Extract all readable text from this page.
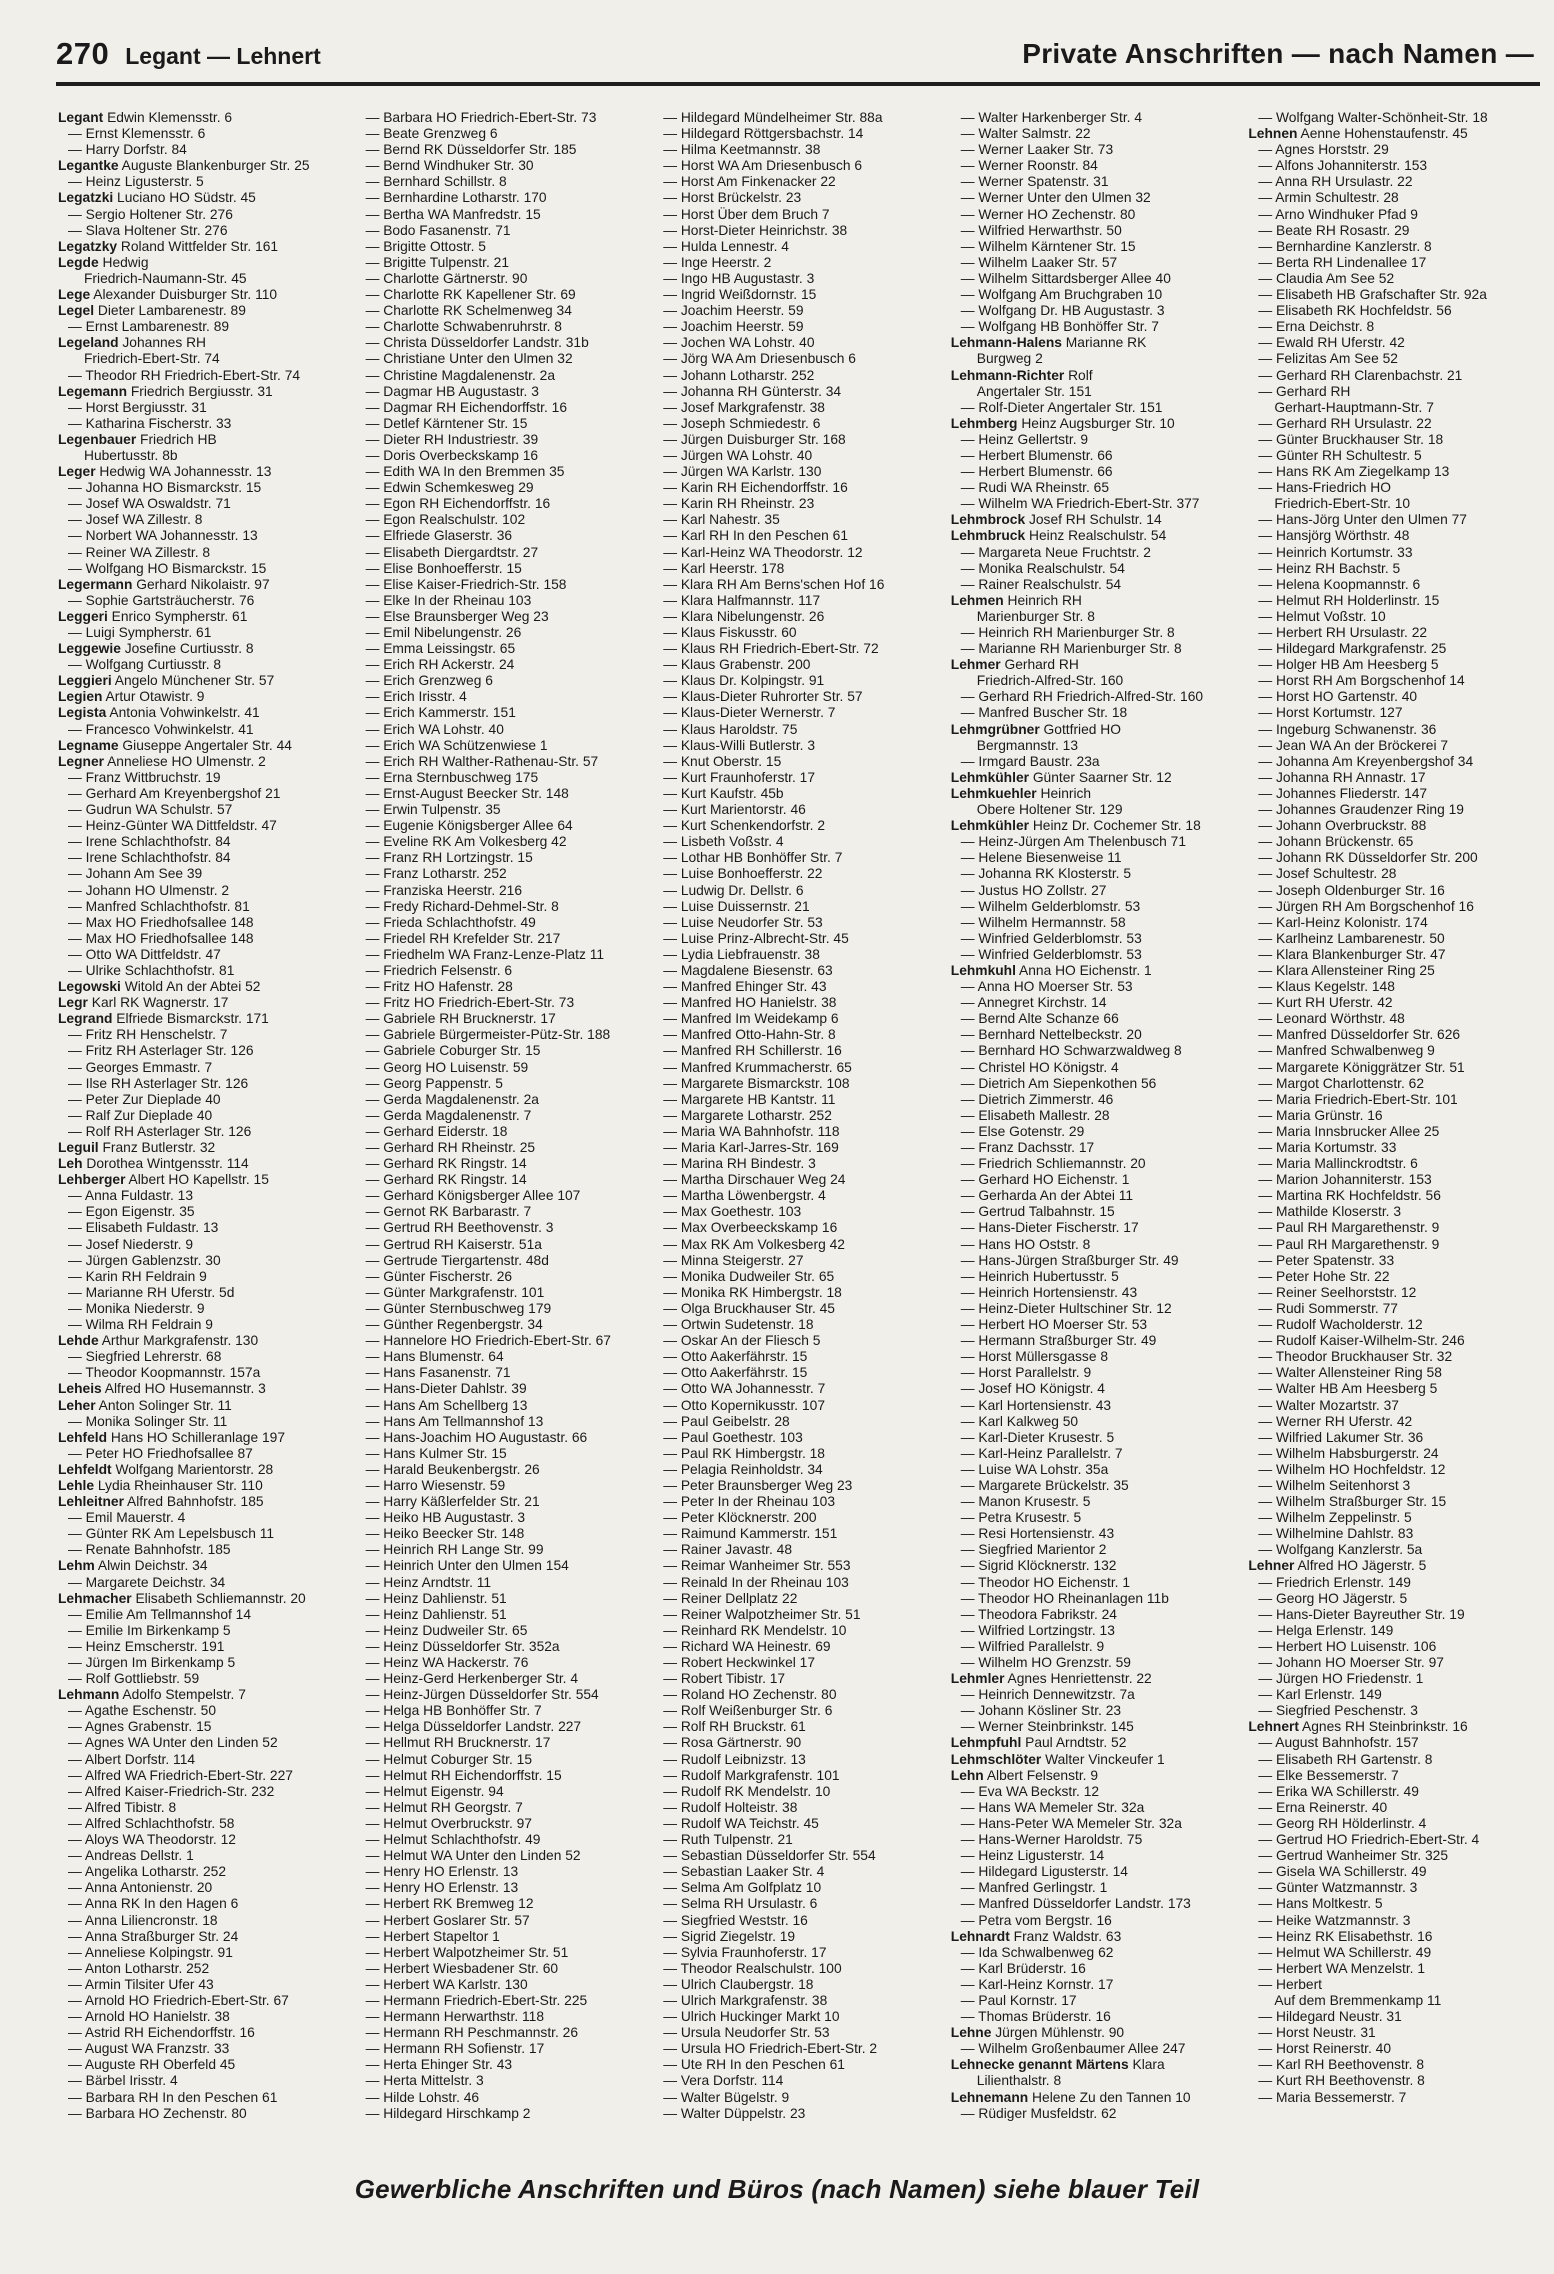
270 Legant — Lehnert	Private Anschriften — nach Namen —
Legant Edwin Klemensstr. 6
— Ernst Klemensstr. 6
— Harry Dorfstr. 84
Legantke Auguste Blankenburger Str. 25
— Heinz Ligusterstr. 5
Legatzki Luciano HO Südstr. 45
— Sergio Holtener Str. 276
— Slava Holtener Str. 276
Legatzky Roland Wittfelder Str. 161
Legde Hedwig
Friedrich-Naumann-Str. 45
Lege Alexander Duisburger Str. 110
Legel Dieter Lambarenestr. 89
— Ernst Lambarenestr. 89
Legeland Johannes RH
Friedrich-Ebert-Str. 74
— Theodor RH Friedrich-Ebert-Str. 74
Legemann Friedrich Bergiusstr. 31
— Horst Bergiusstr. 31
— Katharina Fischerstr. 33
Legenbauer Friedrich HB
Hubertusstr. 8b
Leger Hedwig WA Johannesstr. 13
— Johanna HO Bismarckstr. 15
— Josef WA Oswaldstr. 71
— Josef WA Zillestr. 8
— Norbert WA Johannesstr. 13
— Reiner WA Zillestr. 8
— Wolfgang HO Bismarckstr. 15
Legermann Gerhard Nikolaistr. 97
— Sophie Gartsträucherstr. 76
Leggeri Enrico Sympherstr. 61
— Luigi Sympherstr. 61
Leggewie Josefine Curtiusstr. 8
— Wolfgang Curtiusstr. 8
Leggieri Angelo Münchener Str. 57
Legien Artur Otawistr. 9
Legista Antonia Vohwinkelstr. 41
— Francesco Vohwinkelstr. 41
Legname Giuseppe Angertaler Str. 44
Legner Anneliese HO Ulmenstr. 2
— Franz Wittbruchstr. 19
— Gerhard Am Kreyenbergshof 21
— Gudrun WA Schulstr. 57
— Heinz-Günter WA Dittfeldstr. 47
— Irene Schlachthofstr. 84
— Irene Schlachthofstr. 84
— Johann Am See 39
— Johann HO Ulmenstr. 2
— Manfred Schlachthofstr. 81
— Max HO Friedhofsallee 148
— Max HO Friedhofsallee 148
— Otto WA Dittfeldstr. 47
— Ulrike Schlachthofstr. 81
Legowski Witold An der Abtei 52
Legr Karl RK Wagnerstr. 17
Legrand Elfriede Bismarckstr. 171
— Fritz RH Henschelstr. 7
— Fritz RH Asterlager Str. 126
— Georges Emmastr. 7
— Ilse RH Asterlager Str. 126
— Peter Zur Dieplade 40
— Ralf Zur Dieplade 40
— Rolf RH Asterlager Str. 126
Leguil Franz Butlerstr. 32
Leh Dorothea Wintgensstr. 114
Lehberger Albert HO Kapellstr. 15
— Anna Fuldastr. 13
— Egon Eigenstr. 35
— Elisabeth Fuldastr. 13
— Josef Niederstr. 9
— Jürgen Gablenzstr. 30
— Karin RH Feldrain 9
— Marianne RH Uferstr. 5d
— Monika Niederstr. 9
— Wilma RH Feldrain 9
Lehde Arthur Markgrafenstr. 130
— Siegfried Lehrerstr. 68
— Theodor Koopmannstr. 157a
Leheis Alfred HO Husemannstr. 3
Leher Anton Solinger Str. 11
— Monika Solinger Str. 11
Lehfeld Hans HO Schilleranlage 197
— Peter HO Friedhofsallee 87
Lehfeldt Wolfgang Marientorstr. 28
Lehle Lydia Rheinhauser Str. 110
Lehleitner Alfred Bahnhofstr. 185
— Emil Mauerstr. 4
— Günter RK Am Lepelsbusch 11
— Renate Bahnhofstr. 185
Lehm Alwin Deichstr. 34
— Margarete Deichstr. 34
Lehmacher Elisabeth Schliemannstr. 20
— Emilie Am Tellmannshof 14
— Emilie Im Birkenkamp 5
— Heinz Emscherstr. 191
— Jürgen Im Birkenkamp 5
— Rolf Gottliebstr. 59
Lehmann Adolfo Stempelstr. 7
— Agathe Eschenstr. 50
— Agnes Grabenstr. 15
— Agnes WA Unter den Linden 52
— Albert Dorfstr. 114
— Alfred WA Friedrich-Ebert-Str. 227
— Alfred Kaiser-Friedrich-Str. 232
— Alfred Tibistr. 8
— Alfred Schlachthofstr. 58
— Aloys WA Theodorstr. 12
— Andreas Dellstr. 1
— Angelika Lotharstr. 252
— Anna Antonienstr. 20
— Anna RK In den Hagen 6
— Anna Liliencronstr. 18
— Anna Straßburger Str. 24
— Anneliese Kolpingstr. 91
— Anton Lotharstr. 252
— Armin Tilsiter Ufer 43
— Arnold HO Friedrich-Ebert-Str. 67
— Arnold HO Hanielstr. 38
— Astrid RH Eichendorffstr. 16
— August WA Franzstr. 33
— Auguste RH Oberfeld 45
— Bärbel Irisstr. 4
— Barbara RH In den Peschen 61
— Barbara HO Zechenstr. 80
— Barbara HO Friedrich-Ebert-Str. 73
— Beate Grenzweg 6
— Bernd RK Düsseldorfer Str. 185
— Bernd Windhuker Str. 30
— Bernhard Schillstr. 8
— Bernhardine Lotharstr. 170
— Bertha WA Manfredstr. 15
— Bodo Fasanenstr. 71
— Brigitte Ottostr. 5
— Brigitte Tulpenstr. 21
— Charlotte Gärtnerstr. 90
— Charlotte RK Kapellener Str. 69
— Charlotte RK Schelmenweg 34
— Charlotte Schwabenruhrstr. 8
— Christa Düsseldorfer Landstr. 31b
— Christiane Unter den Ulmen 32
— Christine Magdalenenstr. 2a
— Dagmar HB Augustastr. 3
— Dagmar RH Eichendorffstr. 16
— Detlef Kärntener Str. 15
— Dieter RH Industriestr. 39
— Doris Overbeckskamp 16
— Edith WA In den Bremmen 35
— Edwin Schemkesweg 29
— Egon RH Eichendorffstr. 16
— Egon Realschulstr. 102
— Elfriede Glaserstr. 36
— Elisabeth Diergardtstr. 27
— Elise Bonhoefferstr. 15
— Elise Kaiser-Friedrich-Str. 158
— Elke In der Rheinau 103
— Else Braunsberger Weg 23
— Emil Nibelungenstr. 26
— Emma Leissingstr. 65
— Erich RH Ackerstr. 24
— Erich Grenzweg 6
— Erich Irisstr. 4
— Erich Kammerstr. 151
— Erich WA Lohstr. 40
— Erich WA Schützenwiese 1
— Erich RH Walther-Rathenau-Str. 57
— Erna Sternbuschweg 175
— Ernst-August Beecker Str. 148
— Erwin Tulpenstr. 35
— Eugenie Königsberger Allee 64
— Eveline RK Am Volkesberg 42
— Franz RH Lortzingstr. 15
— Franz Lotharstr. 252
— Franziska Heerstr. 216
— Fredy Richard-Dehmel-Str. 8
— Frieda Schlachthofstr. 49
— Friedel RH Krefelder Str. 217
— Friedhelm WA Franz-Lenze-Platz 11
— Friedrich Felsenstr. 6
— Fritz HO Hafenstr. 28
— Fritz HO Friedrich-Ebert-Str. 73
— Gabriele RH Brucknerstr. 17
— Gabriele Bürgermeister-Pütz-Str. 188
— Gabriele Coburger Str. 15
— Georg HO Luisenstr. 59
— Georg Pappenstr. 5
— Gerda Magdalenenstr. 2a
— Gerda Magdalenenstr. 7
— Gerhard Eiderstr. 18
— Gerhard RH Rheinstr. 25
— Gerhard RK Ringstr. 14
— Gerhard RK Ringstr. 14
— Gerhard Königsberger Allee 107
— Gernot RK Barbarastr. 7
— Gertrud RH Beethovenstr. 3
— Gertrud RH Kaiserstr. 51a
— Gertrude Tiergartenstr. 48d
— Günter Fischerstr. 26
— Günter Markgrafenstr. 101
— Günter Sternbuschweg 179
— Günther Regenbergstr. 34
— Hannelore HO Friedrich-Ebert-Str. 67
— Hans Blumenstr. 64
— Hans Fasanenstr. 71
— Hans-Dieter Dahlstr. 39
— Hans Am Schellberg 13
— Hans Am Tellmannshof 13
— Hans-Joachim HO Augustastr. 66
— Hans Kulmer Str. 15
— Harald Beukenbergstr. 26
— Harro Wiesenstr. 59
— Harry Käßlerfelder Str. 21
— Heiko HB Augustastr. 3
— Heiko Beecker Str. 148
— Heinrich RH Lange Str. 99
— Heinrich Unter den Ulmen 154
— Heinz Arndtstr. 11
— Heinz Dahlienstr. 51
— Heinz Dahlienstr. 51
— Heinz Dudweiler Str. 65
— Heinz Düsseldorfer Str. 352a
— Heinz WA Hackerstr. 76
— Heinz-Gerd Herkenberger Str. 4
— Heinz-Jürgen Düsseldorfer Str. 554
— Helga HB Bonhöffer Str. 7
— Helga Düsseldorfer Landstr. 227
— Hellmut RH Brucknerstr. 17
— Helmut Coburger Str. 15
— Helmut RH Eichendorffstr. 15
— Helmut Eigenstr. 94
— Helmut RH Georgstr. 7
— Helmut Overbruckstr. 97
— Helmut Schlachthofstr. 49
— Helmut WA Unter den Linden 52
— Henry HO Erlenstr. 13
— Henry HO Erlenstr. 13
— Herbert RK Bremweg 12
— Herbert Goslarer Str. 57
— Herbert Stapeltor 1
— Herbert Walpotzheimer Str. 51
— Herbert Wiesbadener Str. 60
— Herbert WA Karlstr. 130
— Hermann Friedrich-Ebert-Str. 225
— Hermann Herwarthstr. 118
— Hermann RH Peschmannstr. 26
— Hermann RH Sofienstr. 17
— Herta Ehinger Str. 43
— Herta Mittelstr. 3
— Hilde Lohstr. 46
— Hildegard Hirschkamp 2
— Hildegard Mündelheimer Str. 88a
— Hildegard Röttgersbachstr. 14
— Hilma Keetmannstr. 38
— Horst WA Am Driesenbusch 6
— Horst Am Finkenacker 22
— Horst Brückelstr. 23
— Horst Über dem Bruch 7
— Horst-Dieter Heinrichstr. 38
— Hulda Lennestr. 4
— Inge Heerstr. 2
— Ingo HB Augustastr. 3
— Ingrid Weißdornstr. 15
— Joachim Heerstr. 59
— Joachim Heerstr. 59
— Jochen WA Lohstr. 40
— Jörg WA Am Driesenbusch 6
— Johann Lotharstr. 252
— Johanna RH Günterstr. 34
— Josef Markgrafenstr. 38
— Joseph Schmiedestr. 6
— Jürgen Duisburger Str. 168
— Jürgen WA Lohstr. 40
— Jürgen WA Karlstr. 130
— Karin RH Eichendorffstr. 16
— Karin RH Rheinstr. 23
— Karl Nahestr. 35
— Karl RH In den Peschen 61
— Karl-Heinz WA Theodorstr. 12
— Karl Heerstr. 178
— Klara RH Am Berns'schen Hof 16
— Klara Halfmannstr. 117
— Klara Nibelungenstr. 26
— Klaus Fiskusstr. 60
— Klaus RH Friedrich-Ebert-Str. 72
— Klaus Grabenstr. 200
— Klaus Dr. Kolpingstr. 91
— Klaus-Dieter Ruhrorter Str. 57
— Klaus-Dieter Wernerstr. 7
— Klaus Haroldstr. 75
— Klaus-Willi Butlerstr. 3
— Knut Oberstr. 15
— Kurt Fraunhoferstr. 17
— Kurt Kaufstr. 45b
— Kurt Marientorstr. 46
— Kurt Schenkendorfstr. 2
— Lisbeth Voßstr. 4
— Lothar HB Bonhöffer Str. 7
— Luise Bonhoefferstr. 22
— Ludwig Dr. Dellstr. 6
— Luise Duissernstr. 21
— Luise Neudorfer Str. 53
— Luise Prinz-Albrecht-Str. 45
— Lydia Liebfrauenstr. 38
— Magdalene Biesenstr. 63
— Manfred Ehinger Str. 43
— Manfred HO Hanielstr. 38
— Manfred Im Weidekamp 6
— Manfred Otto-Hahn-Str. 8
— Manfred RH Schillerstr. 16
— Manfred Krummacherstr. 65
— Margarete Bismarckstr. 108
— Margarete HB Kantstr. 11
— Margarete Lotharstr. 252
— Maria WA Bahnhofstr. 118
— Maria Karl-Jarres-Str. 169
— Marina RH Bindestr. 3
— Martha Dirschauer Weg 24
— Martha Löwenbergstr. 4
— Max Goethestr. 103
— Max Overbeeckskamp 16
— Max RK Am Volkesberg 42
— Minna Steigerstr. 27
— Monika Dudweiler Str. 65
— Monika RK Himbergstr. 18
— Olga Bruckhauser Str. 45
— Ortwin Sudetenstr. 18
— Oskar An der Fliesch 5
— Otto Aakerfährstr. 15
— Otto Aakerfährstr. 15
— Otto WA Johannesstr. 7
— Otto Kopernikusstr. 107
— Paul Geibelstr. 28
— Paul Goethestr. 103
— Paul RK Himbergstr. 18
— Pelagia Reinholdstr. 34
— Peter Braunsberger Weg 23
— Peter In der Rheinau 103
— Peter Klöcknerstr. 200
— Raimund Kammerstr. 151
— Rainer Javastr. 48
— Reimar Wanheimer Str. 553
— Reinald In der Rheinau 103
— Reiner Dellplatz 22
— Reiner Walpotzheimer Str. 51
— Reinhard RK Mendelstr. 10
— Richard WA Heinestr. 69
— Robert Heckwinkel 17
— Robert Tibistr. 17
— Roland HO Zechenstr. 80
— Rolf Weißenburger Str. 6
— Rolf RH Bruckstr. 61
— Rosa Gärtnerstr. 90
— Rudolf Leibnizstr. 13
— Rudolf Markgrafenstr. 101
— Rudolf RK Mendelstr. 10
— Rudolf Holteistr. 38
— Rudolf WA Teichstr. 45
— Ruth Tulpenstr. 21
— Sebastian Düsseldorfer Str. 554
— Sebastian Laaker Str. 4
— Selma Am Golfplatz 10
— Selma RH Ursulastr. 6
— Siegfried Weststr. 16
— Sigrid Ziegelstr. 19
— Sylvia Fraunhoferstr. 17
— Theodor Realschulstr. 100
— Ulrich Claubergstr. 18
— Ulrich Markgrafenstr. 38
— Ulrich Huckinger Markt 10
— Ursula Neudorfer Str. 53
— Ursula HO Friedrich-Ebert-Str. 2
— Ute RH In den Peschen 61
— Vera Dorfstr. 114
— Walter Bügelstr. 9
— Walter Düppelstr. 23
— Walter Harkenberger Str. 4
— Walter Salmstr. 22
— Werner Laaker Str. 73
— Werner Roonstr. 84
— Werner Spatenstr. 31
— Werner Unter den Ulmen 32
— Werner HO Zechenstr. 80
— Wilfried Herwarthstr. 50
— Wilhelm Kärntener Str. 15
— Wilhelm Laaker Str. 57
— Wilhelm Sittardsberger Allee 40
— Wolfgang Am Bruchgraben 10
— Wolfgang Dr. HB Augustastr. 3
— Wolfgang HB Bonhöffer Str. 7
Lehmann-Halens Marianne RK
Burgweg 2
Lehmann-Richter Rolf
Angertaler Str. 151
— Rolf-Dieter Angertaler Str. 151
Lehmberg Heinz Augsburger Str. 10
— Heinz Gellertstr. 9
— Herbert Blumenstr. 66
— Herbert Blumenstr. 66
— Rudi WA Rheinstr. 65
— Wilhelm WA Friedrich-Ebert-Str. 377
Lehmbrock Josef RH Schulstr. 14
Lehmbruck Heinz Realschulstr. 54
— Margareta Neue Fruchtstr. 2
— Monika Realschulstr. 54
— Rainer Realschulstr. 54
Lehmen Heinrich RH
Marienburger Str. 8
— Heinrich RH Marienburger Str. 8
— Marianne RH Marienburger Str. 8
Lehmer Gerhard RH
Friedrich-Alfred-Str. 160
— Gerhard RH Friedrich-Alfred-Str. 160
— Manfred Buscher Str. 18
Lehmgrübner Gottfried HO
Bergmannstr. 13
— Irmgard Baustr. 23a
Lehmkühler Günter Saarner Str. 12
Lehmkuehler Heinrich
Obere Holtener Str. 129
Lehmkühler Heinz Dr. Cochemer Str. 18
— Heinz-Jürgen Am Thelenbusch 71
— Helene Biesenweise 11
— Johanna RK Klosterstr. 5
— Justus HO Zollstr. 27
— Wilhelm Gelderblomstr. 53
— Wilhelm Hermannstr. 58
— Winfried Gelderblomstr. 53
— Winfried Gelderblomstr. 53
Lehmkuhl Anna HO Eichenstr. 1
— Anna HO Moerser Str. 53
— Annegret Kirchstr. 14
— Bernd Alte Schanze 66
— Bernhard Nettelbeckstr. 20
— Bernhard HO Schwarzwaldweg 8
— Christel HO Königstr. 4
— Dietrich Am Siepenkothen 56
— Dietrich Zimmerstr. 46
— Elisabeth Mallestr. 28
— Else Gotenstr. 29
— Franz Dachsstr. 17
— Friedrich Schliemannstr. 20
— Gerhard HO Eichenstr. 1
— Gerharda An der Abtei 11
— Gertrud Talbahnstr. 15
— Hans-Dieter Fischerstr. 17
— Hans HO Oststr. 8
— Hans-Jürgen Straßburger Str. 49
— Heinrich Hubertusstr. 5
— Heinrich Hortensienstr. 43
— Heinz-Dieter Hultschiner Str. 12
— Herbert HO Moerser Str. 53
— Hermann Straßburger Str. 49
— Horst Müllersgasse 8
— Horst Parallelstr. 9
— Josef HO Königstr. 4
— Karl Hortensienstr. 43
— Karl Kalkweg 50
— Karl-Dieter Krusestr. 5
— Karl-Heinz Parallelstr. 7
— Luise WA Lohstr. 35a
— Margarete Brückelstr. 35
— Manon Krusestr. 5
— Petra Krusestr. 5
— Resi Hortensienstr. 43
— Siegfried Marientor 2
— Sigrid Klöcknerstr. 132
— Theodor HO Eichenstr. 1
— Theodor HO Rheinanlagen 11b
— Theodora Fabrikstr. 24
— Wilfried Lortzingstr. 13
— Wilfried Parallelstr. 9
— Wilhelm HO Grenzstr. 59
Lehmler Agnes Henriettenstr. 22
— Heinrich Dennewitzstr. 7a
— Johann Kösliner Str. 23
— Werner Steinbrinkstr. 145
Lehmpfuhl Paul Arndtstr. 52
Lehmschlöter Walter Vinckeufer 1
Lehn Albert Felsenstr. 9
— Eva WA Beckstr. 12
— Hans WA Memeler Str. 32a
— Hans-Peter WA Memeler Str. 32a
— Hans-Werner Haroldstr. 75
— Heinz Ligusterstr. 14
— Hildegard Ligusterstr. 14
— Manfred Gerlingstr. 1
— Manfred Düsseldorfer Landstr. 173
— Petra vom Bergstr. 16
Lehnardt Franz Waldstr. 63
— Ida Schwalbenweg 62
— Karl Brüderstr. 16
— Karl-Heinz Kornstr. 17
— Paul Kornstr. 17
— Thomas Brüderstr. 16
Lehne Jürgen Mühlenstr. 90
— Wilhelm Großenbaumer Allee 247
Lehnecke genannt Märtens Klara
Lilienthalstr. 8
Lehnemann Helene Zu den Tannen 10
— Rüdiger Musfeldstr. 62
— Wolfgang Walter-Schönheit-Str. 18
Lehnen Aenne Hohenstaufenstr. 45
— Agnes Horststr. 29
— Alfons Johanniterstr. 153
— Anna RH Ursulastr. 22
— Armin Schultestr. 28
— Arno Windhuker Pfad 9
— Beate RH Rosastr. 29
— Bernhardine Kanzlerstr. 8
— Berta RH Lindenallee 17
— Claudia Am See 52
— Elisabeth HB Grafschafter Str. 92a
— Elisabeth RK Hochfeldstr. 56
— Erna Deichstr. 8
— Ewald RH Uferstr. 42
— Felizitas Am See 52
— Gerhard RH Clarenbachstr. 21
— Gerhard RH
Gerhart-Hauptmann-Str. 7
— Gerhard RH Ursulastr. 22
— Günter Bruckhauser Str. 18
— Günter RH Schultestr. 5
— Hans RK Am Ziegelkamp 13
— Hans-Friedrich HO
Friedrich-Ebert-Str. 10
— Hans-Jörg Unter den Ulmen 77
— Hansjörg Wörthstr. 48
— Heinrich Kortumstr. 33
— Heinz RH Bachstr. 5
— Helena Koopmannstr. 6
— Helmut RH Holderlinstr. 15
— Helmut Voßstr. 10
— Herbert RH Ursulastr. 22
— Hildegard Markgrafenstr. 25
— Holger HB Am Heesberg 5
— Horst RH Am Borgschenhof 14
— Horst HO Gartenstr. 40
— Horst Kortumstr. 127
— Ingeburg Schwanenstr. 36
— Jean WA An der Bröckerei 7
— Johanna Am Kreyenbergshof 34
— Johanna RH Annastr. 17
— Johannes Fliederstr. 147
— Johannes Graudenzer Ring 19
— Johann Overbruckstr. 88
— Johann Brückenstr. 65
— Johann RK Düsseldorfer Str. 200
— Josef Schultestr. 28
— Joseph Oldenburger Str. 16
— Jürgen RH Am Borgschenhof 16
— Karl-Heinz Kolonistr. 174
— Karlheinz Lambarenestr. 50
— Klara Blankenburger Str. 47
— Klara Allensteiner Ring 25
— Klaus Kegelstr. 148
— Kurt RH Uferstr. 42
— Leonard Wörthstr. 48
— Manfred Düsseldorfer Str. 626
— Manfred Schwalbenweg 9
— Margarete Königgrätzer Str. 51
— Margot Charlottenstr. 62
— Maria Friedrich-Ebert-Str. 101
— Maria Grünstr. 16
— Maria Innsbrucker Allee 25
— Maria Kortumstr. 33
— Maria Mallinckrodtstr. 6
— Marion Johanniterstr. 153
— Martina RK Hochfeldstr. 56
— Mathilde Kloserstr. 3
— Paul RH Margarethenstr. 9
— Paul RH Margarethenstr. 9
— Peter Spatenstr. 33
— Peter Hohe Str. 22
— Reiner Seelhorststr. 12
— Rudi Sommerstr. 77
— Rudolf Wacholderstr. 12
— Rudolf Kaiser-Wilhelm-Str. 246
— Theodor Bruckhauser Str. 32
— Walter Allensteiner Ring 58
— Walter HB Am Heesberg 5
— Walter Mozartstr. 37
— Werner RH Uferstr. 42
— Wilfried Lakumer Str. 36
— Wilhelm Habsburgerstr. 24
— Wilhelm HO Hochfeldstr. 12
— Wilhelm Seitenhorst 3
— Wilhelm Straßburger Str. 15
— Wilhelm Zeppelinstr. 5
— Wilhelmine Dahlstr. 83
— Wolfgang Kanzlerstr. 5a
Lehner Alfred HO Jägerstr. 5
— Friedrich Erlenstr. 149
— Georg HO Jägerstr. 5
— Hans-Dieter Bayreuther Str. 19
— Helga Erlenstr. 149
— Herbert HO Luisenstr. 106
— Johann HO Moerser Str. 97
— Jürgen HO Friedenstr. 1
— Karl Erlenstr. 149
— Siegfried Peschenstr. 3
Lehnert Agnes RH Steinbrinkstr. 16
— August Bahnhofstr. 157
— Elisabeth RH Gartenstr. 8
— Elke Bessemerstr. 7
— Erika WA Schillerstr. 49
— Erna Reinerstr. 40
— Georg RH Hölderlinstr. 4
— Gertrud HO Friedrich-Ebert-Str. 4
— Gertrud Wanheimer Str. 325
— Gisela WA Schillerstr. 49
— Günter Watzmannstr. 3
— Hans Moltkestr. 5
— Heike Watzmannstr. 3
— Heinz RK Elisabethstr. 16
— Helmut WA Schillerstr. 49
— Herbert WA Menzelstr. 1
— Herbert
Auf dem Bremmenkamp 11
— Hildegard Neustr. 31
— Horst Neustr. 31
— Horst Reinerstr. 40
— Karl RH Beethovenstr. 8
— Kurt RH Beethovenstr. 8
— Maria Bessemerstr. 7
Gewerbliche Anschriften und Büros (nach Namen) siehe blauer Teil
